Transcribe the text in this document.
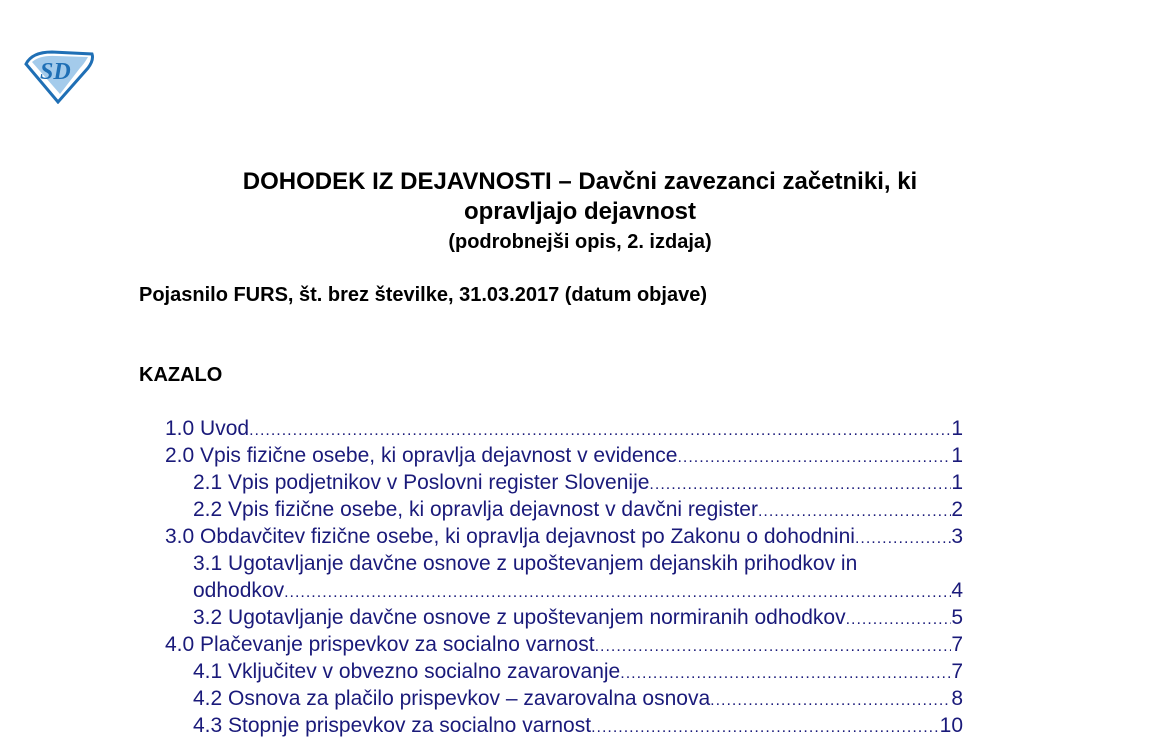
SD
DOHODEK IZ DEJAVNOSTI – Davčni zavezanci začetniki, ki
opravljajo dejavnost
(podrobnejši opis, 2. izdaja)
Pojasnilo FURS, št. brez številke, 31.03.2017 (datum objave)
KAZALO
1.0 Uvod .....	1
2.0 Vpis fizične osebe, ki opravlja dejavnost v evidence .....	1
2.1 Vpis podjetnikov v Poslovni register Slovenije .....	1
2.2 Vpis fizične osebe, ki opravlja dejavnost v davčni register .....	2
3.0 Obdavčitev fizične osebe, ki opravlja dejavnost po Zakonu o dohodnini .....	3
3.1 Ugotavljanje davčne osnove z upoštevanjem dejanskih prihodkov in
odhodkov .....	4
3.2 Ugotavljanje davčne osnove z upoštevanjem normiranih odhodkov .....	5
4.0 Plačevanje prispevkov za socialno varnost .....	7
4.1 Vključitev v obvezno socialno zavarovanje .....	7
4.2 Osnova za plačilo prispevkov – zavarovalna osnova .....	8
4.3 Stopnje prispevkov za socialno varnost .....	10
